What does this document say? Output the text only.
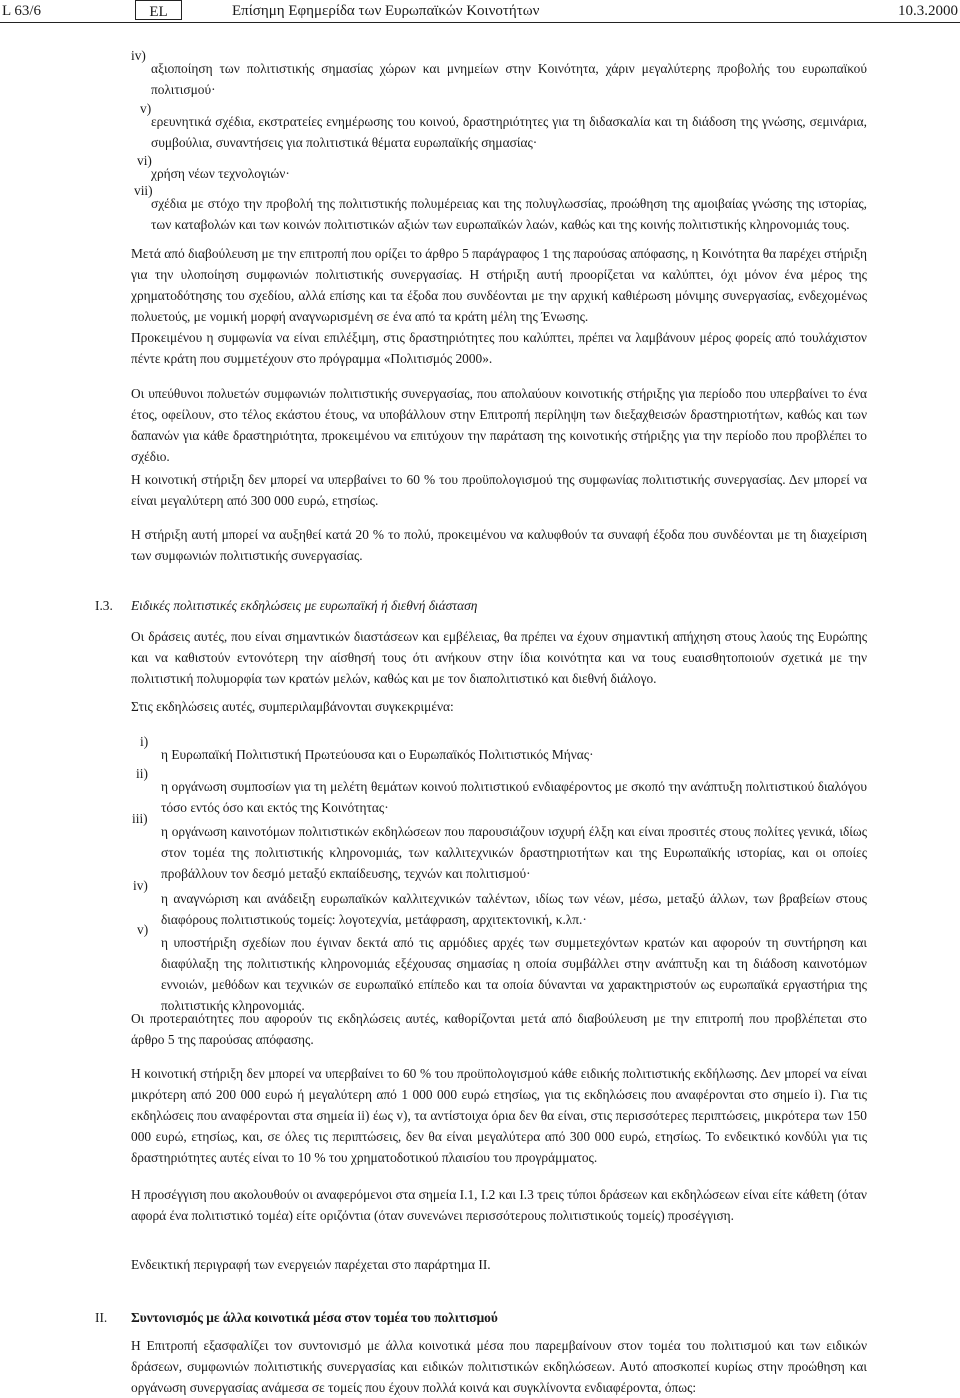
L 63/6	EL	Επίσημη Εφημερίδα των Ευρωπαϊκών Κοινοτήτων	10.3.2000
iv)

αξιοποίηση των πολιτιστικής σημασίας χώρων και μνημείων στην Κοινότητα, χάριν μεγαλύτερης προβολής του ευρωπαϊκού πολιτισμού·

v)

ερευνητικά σχέδια, εκστρατείες ενημέρωσης του κοινού, δραστηριότητες για τη διδασκαλία και τη διάδοση της γνώσης, σεμινάρια, συμβούλια, συναντήσεις για πολιτιστικά θέματα ευρωπαϊκής σημασίας·

vi)

χρήση νέων τεχνολογιών·

vii)

σχέδια με στόχο την προβολή της πολιτιστικής πολυμέρειας και της πολυγλωσσίας, προώθηση της αμοιβαίας γνώσης της ιστορίας, των καταβολών και των κοινών πολιτιστικών αξιών των ευρωπαϊκών λαών, καθώς και της κοινής πολιτιστικής κληρονομιάς τους.

Μετά από διαβούλευση με την επιτροπή που ορίζει το άρθρο 5 παράγραφος 1 της παρούσας απόφασης, η Κοινότητα θα παρέχει στήριξη για την υλοποίηση συμφωνιών πολιτιστικής συνεργασίας. Η στήριξη αυτή προορίζεται να καλύπτει, όχι μόνον ένα μέρος της χρηματοδότησης του σχεδίου, αλλά επίσης και τα έξοδα που συνδέονται με την αρχική καθιέρωση μόνιμης συνεργασίας, ενδεχομένως πολυετούς, με νομική μορφή αναγνωρισμένη σε ένα από τα κράτη μέλη της Ένωσης.

Προκειμένου η συμφωνία να είναι επιλέξιμη, στις δραστηριότητες που καλύπτει, πρέπει να λαμβάνουν μέρος φορείς από τουλάχιστον πέντε κράτη που συμμετέχουν στο πρόγραμμα «Πολιτισμός 2000».

Οι υπεύθυνοι πολυετών συμφωνιών πολιτιστικής συνεργασίας, που απολαύουν κοινοτικής στήριξης για περίοδο που υπερβαίνει το ένα έτος, οφείλουν, στο τέλος εκάστου έτους, να υποβάλλουν στην Επιτροπή περίληψη των διεξαχθεισών δραστηριοτήτων, καθώς και των δαπανών για κάθε δραστηριότητα, προκειμένου να επιτύχουν την παράταση της κοινοτικής στήριξης για την περίοδο που προβλέπει το σχέδιο.

Η κοινοτική στήριξη δεν μπορεί να υπερβαίνει το 60 % του προϋπολογισμού της συμφωνίας πολιτιστικής συνεργασίας. Δεν μπορεί να είναι μεγαλύτερη από 300 000 ευρώ, ετησίως.

Η στήριξη αυτή μπορεί να αυξηθεί κατά 20 % το πολύ, προκειμένου να καλυφθούν τα συναφή έξοδα που συνδέονται με τη διαχείριση των συμφωνιών πολιτιστικής συνεργασίας.

I.3. Ειδικές πολιτιστικές εκδηλώσεις με ευρωπαϊκή ή διεθνή διάσταση

Οι δράσεις αυτές, που είναι σημαντικών διαστάσεων και εμβέλειας, θα πρέπει να έχουν σημαντική απήχηση στους λαούς της Ευρώπης και να καθιστούν εντονότερη την αίσθησή τους ότι ανήκουν στην ίδια κοινότητα και να τους ευαισθητοποιούν σχετικά με την πολιτιστική πολυμορφία των κρατών μελών, καθώς και με τον διαπολιτιστικό και διεθνή διάλογο.

Στις εκδηλώσεις αυτές, συμπεριλαμβάνονται συγκεκριμένα:

i)

η Ευρωπαϊκή Πολιτιστική Πρωτεύουσα και ο Ευρωπαϊκός Πολιτιστικός Μήνας·

ii)

η οργάνωση συμποσίων για τη μελέτη θεμάτων κοινού πολιτιστικού ενδιαφέροντος με σκοπό την ανάπτυξη πολιτιστικού διαλόγου τόσο εντός όσο και εκτός της Κοινότητας·

iii)

η οργάνωση καινοτόμων πολιτιστικών εκδηλώσεων που παρουσιάζουν ισχυρή έλξη και είναι προσιτές στους πολίτες γενικά, ιδίως στον τομέα της πολιτιστικής κληρονομιάς, των καλλιτεχνικών δραστηριοτήτων και της Ευρωπαϊκής ιστορίας, και οι οποίες προβάλλουν τον δεσμό μεταξύ εκπαίδευσης, τεχνών και πολιτισμού·

iv)

η αναγνώριση και ανάδειξη ευρωπαϊκών καλλιτεχνικών ταλέντων, ιδίως των νέων, μέσω, μεταξύ άλλων, των βραβείων στους διαφόρους πολιτιστικούς τομείς: λογοτεχνία, μετάφραση, αρχιτεκτονική, κ.λπ.·

v)

η υποστήριξη σχεδίων που έγιναν δεκτά από τις αρμόδιες αρχές των συμμετεχόντων κρατών και αφορούν τη συντήρηση και διαφύλαξη της πολιτιστικής κληρονομιάς εξέχουσας σημασίας η οποία συμβάλλει στην ανάπτυξη και τη διάδοση καινοτόμων εννοιών, μεθόδων και τεχνικών σε ευρωπαϊκό επίπεδο και τα οποία δύνανται να χαρακτηριστούν ως ευρωπαϊκά εργαστήρια της πολιτιστικής κληρονομιάς.

Οι προτεραιότητες που αφορούν τις εκδηλώσεις αυτές, καθορίζονται μετά από διαβούλευση με την επιτροπή που προβλέπεται στο άρθρο 5 της παρούσας απόφασης.

Η κοινοτική στήριξη δεν μπορεί να υπερβαίνει το 60 % του προϋπολογισμού κάθε ειδικής πολιτιστικής εκδήλωσης. Δεν μπορεί να είναι μικρότερη από 200 000 ευρώ ή μεγαλύτερη από 1 000 000 ευρώ ετησίως, για τις εκδηλώσεις που αναφέρονται στο σημείο i). Για τις εκδηλώσεις που αναφέρονται στα σημεία ii) έως v), τα αντίστοιχα όρια δεν θα είναι, στις περισσότερες περιπτώσεις, μικρότερα των 150 000 ευρώ, ετησίως, και, σε όλες τις περιπτώσεις, δεν θα είναι μεγαλύτερα από 300 000 ευρώ, ετησίως. Το ενδεικτικό κονδύλι για τις δραστηριότητες αυτές είναι το 10 % του χρηματοδοτικού πλαισίου του προγράμματος.

Η προσέγγιση που ακολουθούν οι αναφερόμενοι στα σημεία I.1, I.2 και I.3 τρεις τύποι δράσεων και εκδηλώσεων είναι είτε κάθετη (όταν αφορά ένα πολιτιστικό τομέα) είτε οριζόντια (όταν συνενώνει περισσότερους πολιτιστικούς τομείς) προσέγγιση.

Ενδεικτική περιγραφή των ενεργειών παρέχεται στο παράρτημα II.

II. Συντονισμός με άλλα κοινοτικά μέσα στον τομέα του πολιτισμού

Η Επιτροπή εξασφαλίζει τον συντονισμό με άλλα κοινοτικά μέσα που παρεμβαίνουν στον τομέα του πολιτισμού και των ειδικών δράσεων, συμφωνιών πολιτιστικής συνεργασίας και ειδικών πολιτιστικών εκδηλώσεων. Αυτό αποσκοπεί κυρίως στην προώθηση και οργάνωση συνεργασίας ανάμεσα σε τομείς που έχουν πολλά κοινά και συγκλίνοντα ενδιαφέροντα, όπως:
